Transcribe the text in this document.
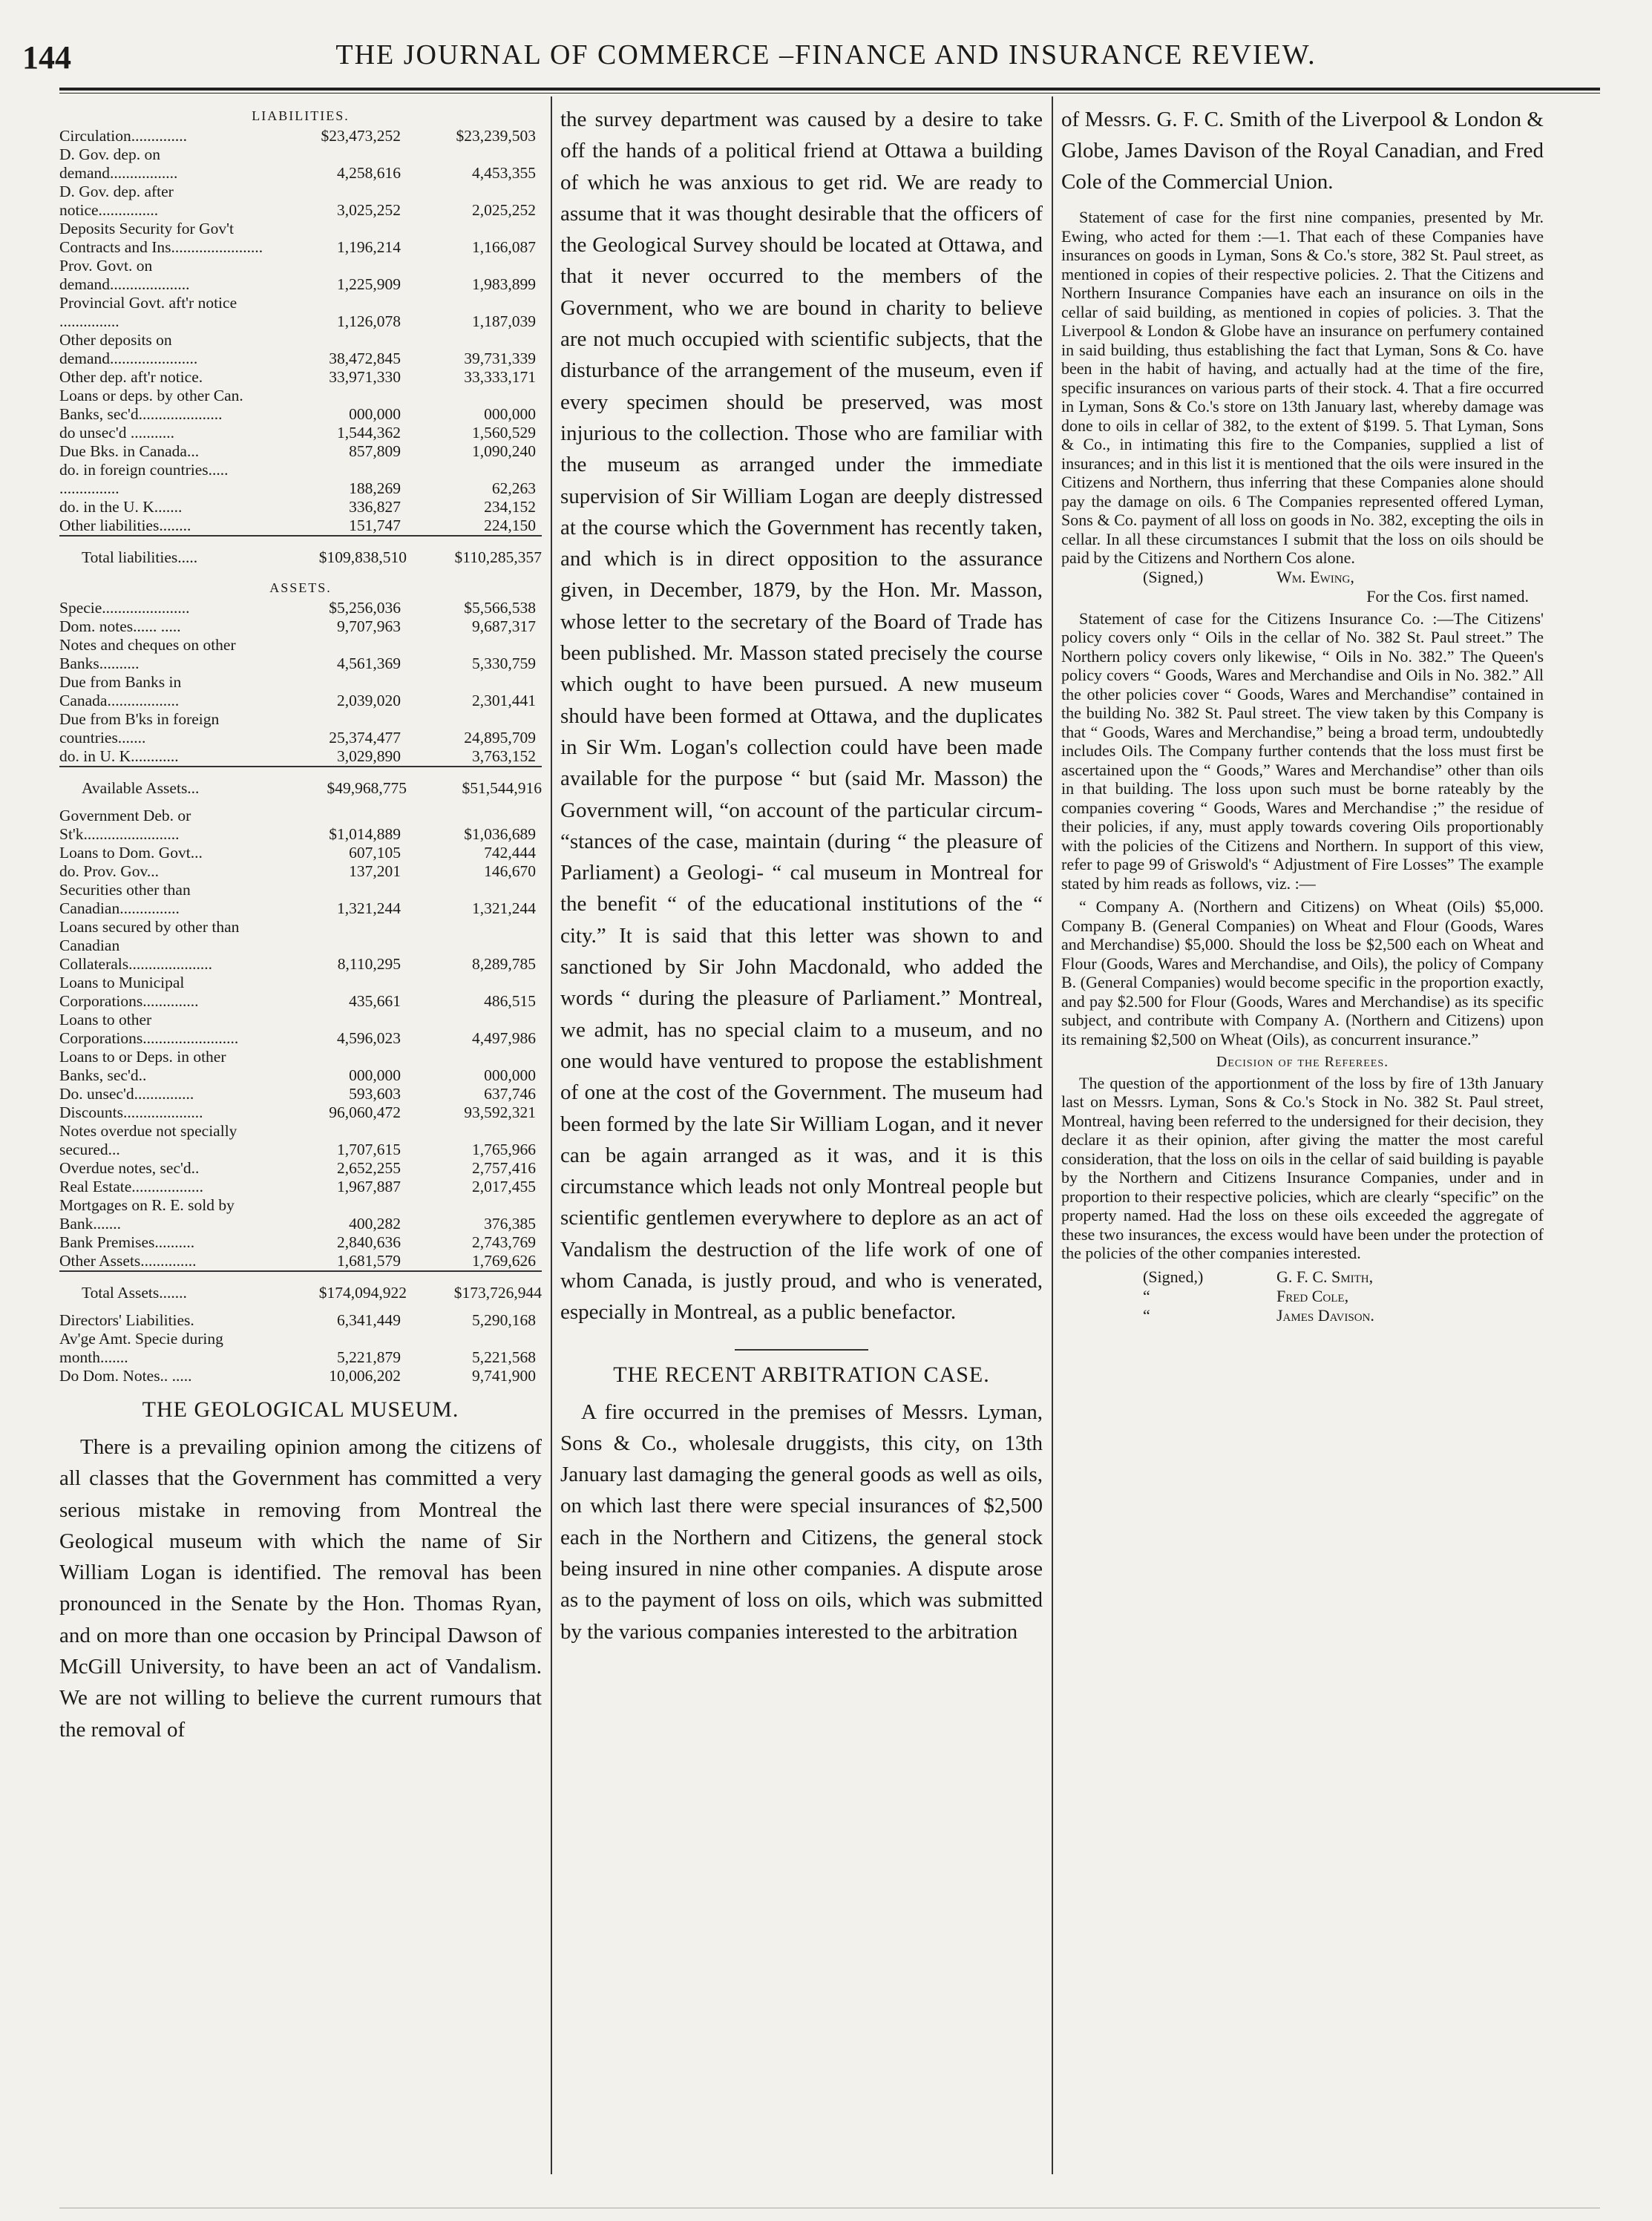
144	THE JOURNAL OF COMMERCE –FINANCE AND INSURANCE REVIEW.
LIABILITIES.
Circulation..............	$23,473,252	$23,239,503
D. Gov. dep. on demand.................	4,258,616	4,453,355
D. Gov. dep. after notice...............	3,025,252	2,025,252
Deposits Security for Gov't Contracts and Ins.......................	1,196,214	1,166,087
Prov. Govt. on demand....................	1,225,909	1,983,899
Provincial Govt. aft'r notice ...............	1,126,078	1,187,039
Other deposits on demand......................	38,472,845	39,731,339
Other dep. aft'r notice.	33,971,330	33,333,171
Loans or deps. by other Can. Banks, sec'd.....................	000,000	000,000
do unsec'd ...........	1,544,362	1,560,529
Due Bks. in Canada...	857,809	1,090,240
do. in foreign countries..... ...............	188,269	62,263
do. in the U. K.......	336,827	234,152
Other liabilities........	151,747	224,150
Total liabilities.....	$109,838,510	$110,285,357
ASSETS.
Specie......................	$5,256,036	$5,566,538
Dom. notes...... .....	9,707,963	9,687,317
Notes and cheques on other Banks..........	4,561,369	5,330,759
Due from Banks in Canada..................	2,039,020	2,301,441
Due from B'ks in foreign countries.......	25,374,477	24,895,709
do. in U. K............	3,029,890	3,763,152
Available Assets...	$49,968,775	$51,544,916
Government Deb. or St'k........................	$1,014,889	$1,036,689
Loans to Dom. Govt...	607,105	742,444
do. Prov. Gov...	137,201	146,670
Securities other than Canadian...............	1,321,244	1,321,244
Loans secured by other than Canadian Collaterals.....................	8,110,295	8,289,785
Loans to Municipal Corporations..............	435,661	486,515
Loans to other Corporations........................	4,596,023	4,497,986
Loans to or Deps. in other Banks, sec'd..	000,000	000,000
Do. unsec'd...............	593,603	637,746
Discounts....................	96,060,472	93,592,321
Notes overdue not specially secured...	1,707,615	1,765,966
Overdue notes, sec'd..	2,652,255	2,757,416
Real Estate..................	1,967,887	2,017,455
Mortgages on R. E. sold by Bank.......	400,282	376,385
Bank Premises..........	2,840,636	2,743,769
Other Assets..............	1,681,579	1,769,626
Total Assets.......	$174,094,922	$173,726,944
Directors' Liabilities.	6,341,449	5,290,168
Av'ge Amt. Specie during month.......	5,221,879	5,221,568
Do Dom. Notes.. .....	10,006,202	9,741,900
THE GEOLOGICAL MUSEUM.

There is a prevailing opinion among the citizens of all classes that the Government has committed a very serious mistake in removing from Montreal the Geological museum with which the name of Sir William Logan is identified. The removal has been pronounced in the Senate by the Hon. Thomas Ryan, and on more than one occasion by Principal Dawson of McGill University, to have been an act of Vandalism. We are not willing to believe the current rumours that the removal of

the survey department was caused by a desire to take off the hands of a political friend at Ottawa a building of which he was anxious to get rid. We are ready to assume that it was thought desirable that the officers of the Geological Survey should be located at Ottawa, and that it never occurred to the members of the Government, who we are bound in charity to believe are not much occupied with scientific subjects, that the disturbance of the arrangement of the museum, even if every specimen should be preserved, was most injurious to the collection. Those who are familiar with the museum as arranged under the immediate supervision of Sir William Logan are deeply distressed at the course which the Government has recently taken, and which is in direct opposition to the assurance given, in December, 1879, by the Hon. Mr. Masson, whose letter to the secretary of the Board of Trade has been published. Mr. Masson stated precisely the course which ought to have been pursued. A new museum should have been formed at Ottawa, and the duplicates in Sir Wm. Logan's collection could have been made available for the purpose “ but (said Mr. Masson) the Government will, “on account of the particular circum- “stances of the case, maintain (during “ the pleasure of Parliament) a Geologi- “ cal museum in Montreal for the benefit “ of the educational institutions of the “ city.” It is said that this letter was shown to and sanctioned by Sir John Macdonald, who added the words “ during the pleasure of Parliament.” Montreal, we admit, has no special claim to a museum, and no one would have ventured to propose the establishment of one at the cost of the Government. The museum had been formed by the late Sir William Logan, and it never can be again arranged as it was, and it is this circumstance which leads not only Montreal people but scientific gentlemen everywhere to deplore as an act of Vandalism the destruction of the life work of one of whom Canada, is justly proud, and who is venerated, especially in Montreal, as a public benefactor.

THE RECENT ARBITRATION CASE.

A fire occurred in the premises of Messrs. Lyman, Sons & Co., wholesale druggists, this city, on 13th January last damaging the general goods as well as oils, on which last there were special insurances of $2,500 each in the Northern and Citizens, the general stock being insured in nine other companies. A dispute arose as to the payment of loss on oils, which was submitted by the various companies interested to the arbitration

of Messrs. G. F. C. Smith of the Liverpool & London & Globe, James Davison of the Royal Canadian, and Fred Cole of the Commercial Union.

Statement of case for the first nine companies, presented by Mr. Ewing, who acted for them :—1. That each of these Companies have insurances on goods in Lyman, Sons & Co.'s store, 382 St. Paul street, as mentioned in copies of their respective policies. 2. That the Citizens and Northern Insurance Companies have each an insurance on oils in the cellar of said building, as mentioned in copies of policies. 3. That the Liverpool & London & Globe have an insurance on perfumery contained in said building, thus establishing the fact that Lyman, Sons & Co. have been in the habit of having, and actually had at the time of the fire, specific insurances on various parts of their stock. 4. That a fire occurred in Lyman, Sons & Co.'s store on 13th January last, whereby damage was done to oils in cellar of 382, to the extent of $199. 5. That Lyman, Sons & Co., in intimating this fire to the Companies, supplied a list of insurances; and in this list it is mentioned that the oils were insured in the Citizens and Northern, thus inferring that these Companies alone should pay the damage on oils. 6 The Companies represented offered Lyman, Sons & Co. payment of all loss on goods in No. 382, excepting the oils in cellar. In all these circumstances I submit that the loss on oils should be paid by the Citizens and Northern Cos alone.

(Signed,)	Wm. Ewing,

For the Cos. first named.

Statement of case for the Citizens Insurance Co. :—The Citizens' policy covers only “ Oils in the cellar of No. 382 St. Paul street.” The Northern policy covers only likewise, “ Oils in No. 382.” The Queen's policy covers “ Goods, Wares and Merchandise and Oils in No. 382.” All the other policies cover “ Goods, Wares and Merchandise” contained in the building No. 382 St. Paul street. The view taken by this Company is that “ Goods, Wares and Merchandise,” being a broad term, undoubtedly includes Oils. The Company further contends that the loss must first be ascertained upon the “ Goods,” Wares and Merchandise” other than oils in that building. The loss upon such must be borne rateably by the companies covering “ Goods, Wares and Merchandise ;” the residue of their policies, if any, must apply towards covering Oils proportionably with the policies of the Citizens and Northern. In support of this view, refer to page 99 of Griswold's “ Adjustment of Fire Losses” The example stated by him reads as follows, viz. :—

“ Company A. (Northern and Citizens) on Wheat (Oils) $5,000. Company B. (General Companies) on Wheat and Flour (Goods, Wares and Merchandise) $5,000. Should the loss be $2,500 each on Wheat and Flour (Goods, Wares and Merchandise, and Oils), the policy of Company B. (General Companies) would become specific in the proportion exactly, and pay $2.500 for Flour (Goods, Wares and Merchandise) as its specific subject, and contribute with Company A. (Northern and Citizens) upon its remaining $2,500 on Wheat (Oils), as concurrent insurance.”

Decision of the Referees.

The question of the apportionment of the loss by fire of 13th January last on Messrs. Lyman, Sons & Co.'s Stock in No. 382 St. Paul street, Montreal, having been referred to the undersigned for their decision, they declare it as their opinion, after giving the matter the most careful consideration, that the loss on oils in the cellar of said building is payable by the Northern and Citizens Insurance Companies, under and in proportion to their respective policies, which are clearly “specific” on the property named. Had the loss on these oils exceeded the aggregate of these two insurances, the excess would have been under the protection of the policies of the other companies interested.

(Signed,)	G. F. C. Smith,

“	Fred Cole,

“	James Davison.
